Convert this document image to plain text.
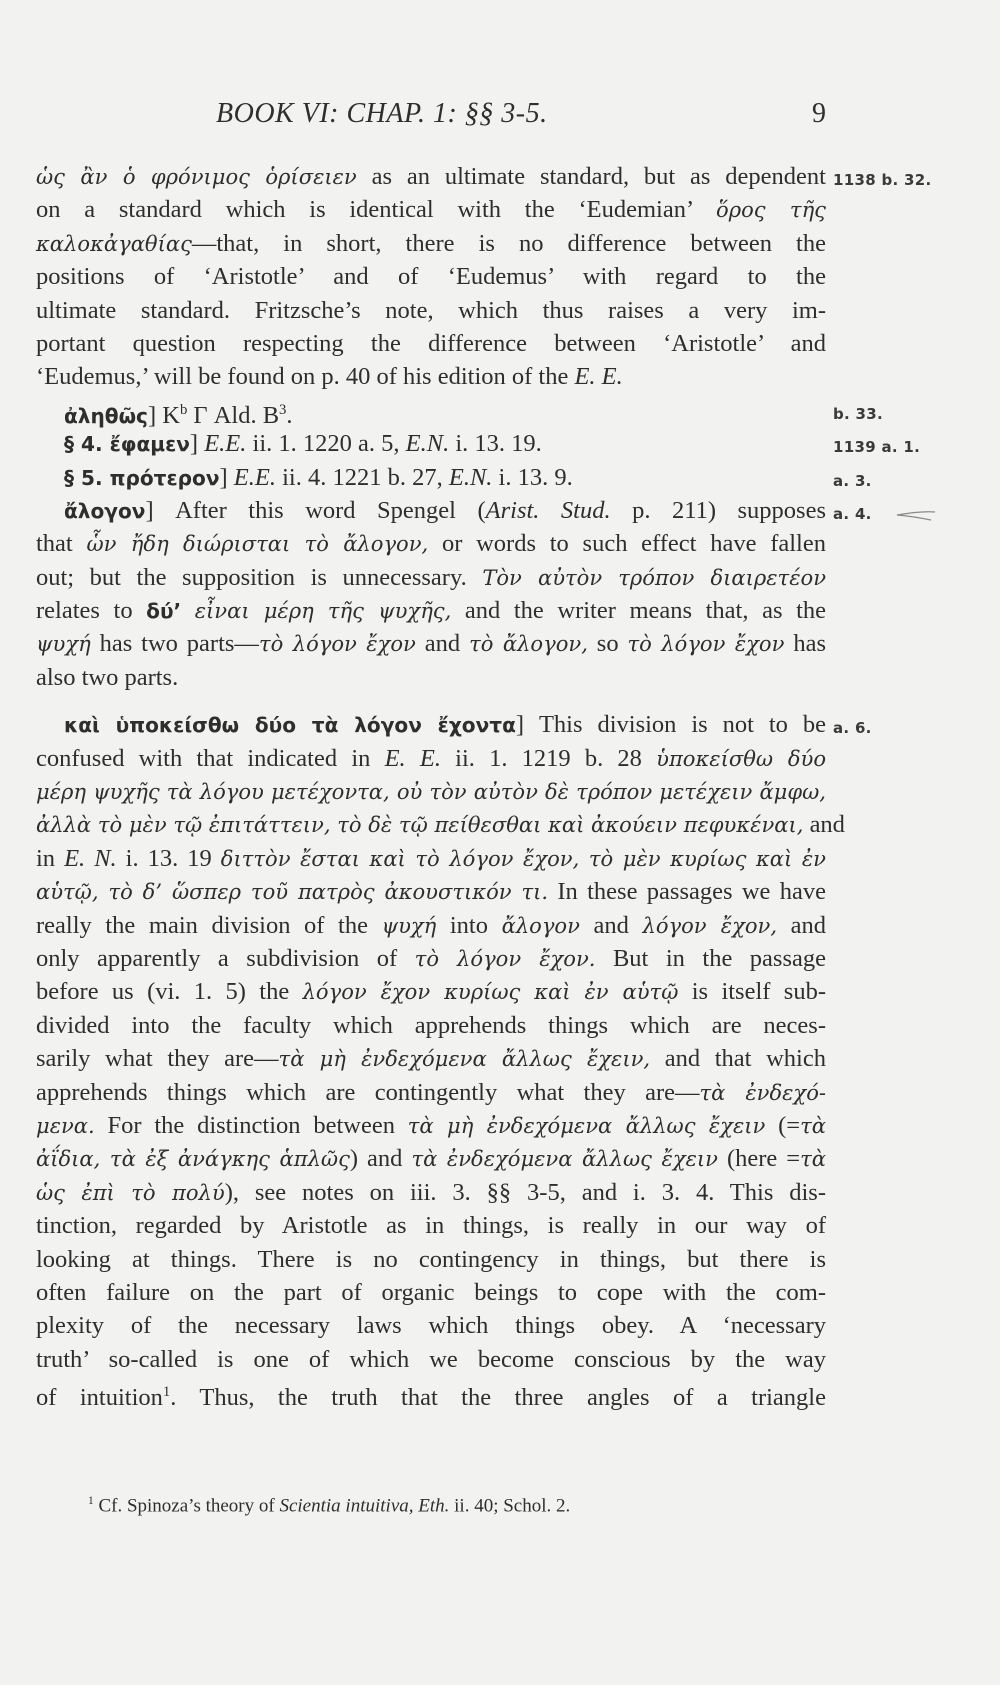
BOOK VI: CHAP. 1: §§ 3-5.	9
ὡς ἂν ὁ φρόνιμος ὁρίσειεν as an ultimate standard, but as dependent 1138 b. 32.
on a standard which is identical with the ‘Eudemian’ ὅρος τῆς
καλοκἀγαθίας—that, in short, there is no difference between the
positions of ‘Aristotle’ and of ‘Eudemus’ with regard to the
ultimate standard. Fritzsche’s note, which thus raises a very im-
portant question respecting the difference between ‘Aristotle’ and
‘Eudemus,’ will be found on p. 40 of his edition of the E. E.
ἀληθῶς] $K^b$ Γ Ald. $B^3$.	b. 33.
§ 4. ἔφαμεν] E.E. ii. 1. 1220 a. 5, E.N. i. 13. 19.	1139 a. 1.
§ 5. πρότερον] E.E. ii. 4. 1221 b. 27, E.N. i. 13. 9.	a. 3.
ἄλογον] After this word Spengel (Arist. Stud. p. 211) supposes a. 4.
that ὧν ἤδη διώρισται τὸ ἄλογον, or words to such effect have fallen
out; but the supposition is unnecessary. Τὸν αὐτὸν τρόπον διαιρετέον
relates to δύ’ εἶναι μέρη τῆς ψυχῆς, and the writer means that, as the
ψυχή has two parts—τὸ λόγον ἔχον and τὸ ἄλογον, so τὸ λόγον ἔχον has
also two parts.
καὶ ὑποκείσθω δύο τὰ λόγον ἔχοντα] This division is not to be a. 6.
confused with that indicated in E. E. ii. 1. 1219 b. 28 ὑποκείσθω δύο
μέρη ψυχῆς τὰ λόγου μετέχοντα, οὐ τὸν αὐτὸν δὲ τρόπον μετέχειν ἄμφω,
ἀλλὰ τὸ μὲν τῷ ἐπιτάττειν, τὸ δὲ τῷ πείθεσθαι καὶ ἀκούειν πεφυκέναι, and
in E. N. i. 13. 19 διττὸν ἔσται καὶ τὸ λόγον ἔχον, τὸ μὲν κυρίως καὶ ἐν
αὑτῷ, τὸ δ’ ὥσπερ τοῦ πατρὸς ἀκουστικόν τι. In these passages we have
really the main division of the ψυχή into ἄλογον and λόγον ἔχον, and
only apparently a subdivision of τὸ λόγον ἔχον. But in the passage
before us (vi. 1. 5) the λόγον ἔχον κυρίως καὶ ἐν αὑτῷ is itself sub-
divided into the faculty which apprehends things which are neces-
sarily what they are—τὰ μὴ ἐνδεχόμενα ἄλλως ἔχειν, and that which
apprehends things which are contingently what they are—τὰ ἐνδεχό-
μενα. For the distinction between τὰ μὴ ἐνδεχόμενα ἄλλως ἔχειν (=τὰ
ἀΐδια, τὰ ἐξ ἀνάγκης ἁπλῶς) and τὰ ἐνδεχόμενα ἄλλως ἔχειν (here =τὰ
ὡς ἐπὶ τὸ πολύ), see notes on iii. 3. §§ 3-5, and i. 3. 4. This dis-
tinction, regarded by Aristotle as in things, is really in our way of
looking at things. There is no contingency in things, but there is
often failure on the part of organic beings to cope with the com-
plexity of the necessary laws which things obey. A ‘necessary
truth’ so-called is one of which we become conscious by the way
of intuition$^1$. Thus, the truth that the three angles of a triangle
$^1$ Cf. Spinoza’s theory of Scientia intuitiva, Eth. ii. 40; Schol. 2.
